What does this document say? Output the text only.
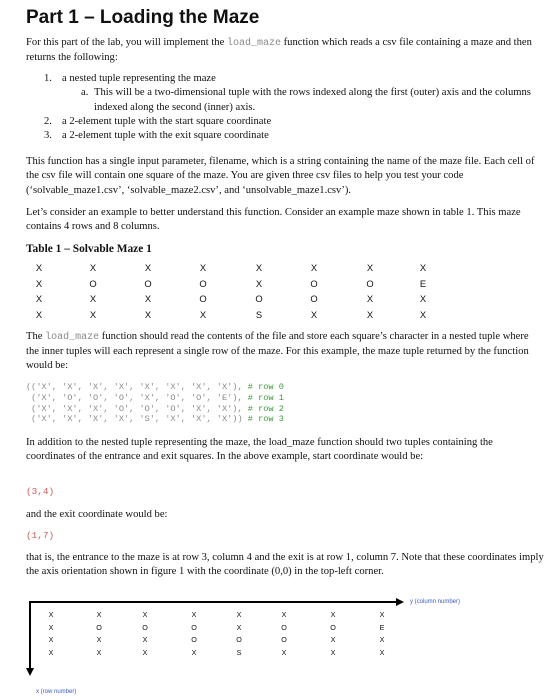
Part 1 – Loading the Maze

For this part of the lab, you will implement the load_maze function which reads a csv file containing a maze and then returns the following:

1. a nested tuple representing the maze
a. This will be a two-dimensional tuple with the rows indexed along the first (outer) axis and the columns indexed along the second (inner) axis.
2. a 2-element tuple with the start square coordinate
3. a 2-element tuple with the exit square coordinate

This function has a single input parameter, filename, which is a string containing the name of the maze file. Each cell of the csv file will contain one square of the maze. You are given three csv files to help you test your code (‘solvable_maze1.csv’, ‘solvable_maze2.csv’, and ‘unsolvable_maze1.csv’).

Let’s consider an example to better understand this function. Consider an example maze shown in table 1. This maze contains 4 rows and 8 columns.

Table 1 – Solvable Maze 1

X	X	X	X	X	X	X	X
X	O	O	O	X	O	O	E
X	X	X	O	O	O	X	X
X	X	X	X	S	X	X	X

The load_maze function should read the contents of the file and store each square’s character in a nested tuple where the inner tuples will each represent a single row of the maze. For this example, the maze tuple returned by the function would be:

(('X', 'X', 'X', 'X', 'X', 'X', 'X', 'X'), # row 0
('X', 'O', 'O', 'O', 'X', 'O', 'O', 'E'), # row 1
('X', 'X', 'X', 'O', 'O', 'O', 'X', 'X'), # row 2
('X', 'X', 'X', 'X', 'S', 'X', 'X', 'X')) # row 3

In addition to the nested tuple representing the maze, the load_maze function should two tuples containing the coordinates of the entrance and exit squares. In the above example, start coordinate would be:

(3,4)

and the exit coordinate would be:

(1,7)

that is, the entrance to the maze is at row 3, column 4 and the exit is at row 1, column 7. Note that these coordinates imply the axis orientation shown in figure 1 with the coordinate (0,0) in the top-left corner.

y (column number)
x (row number)
X	X	X	X	X	X	X	X
X	O	O	O	X	O	O	E
X	X	X	O	O	O	X	X
X	X	X	X	S	X	X	X
